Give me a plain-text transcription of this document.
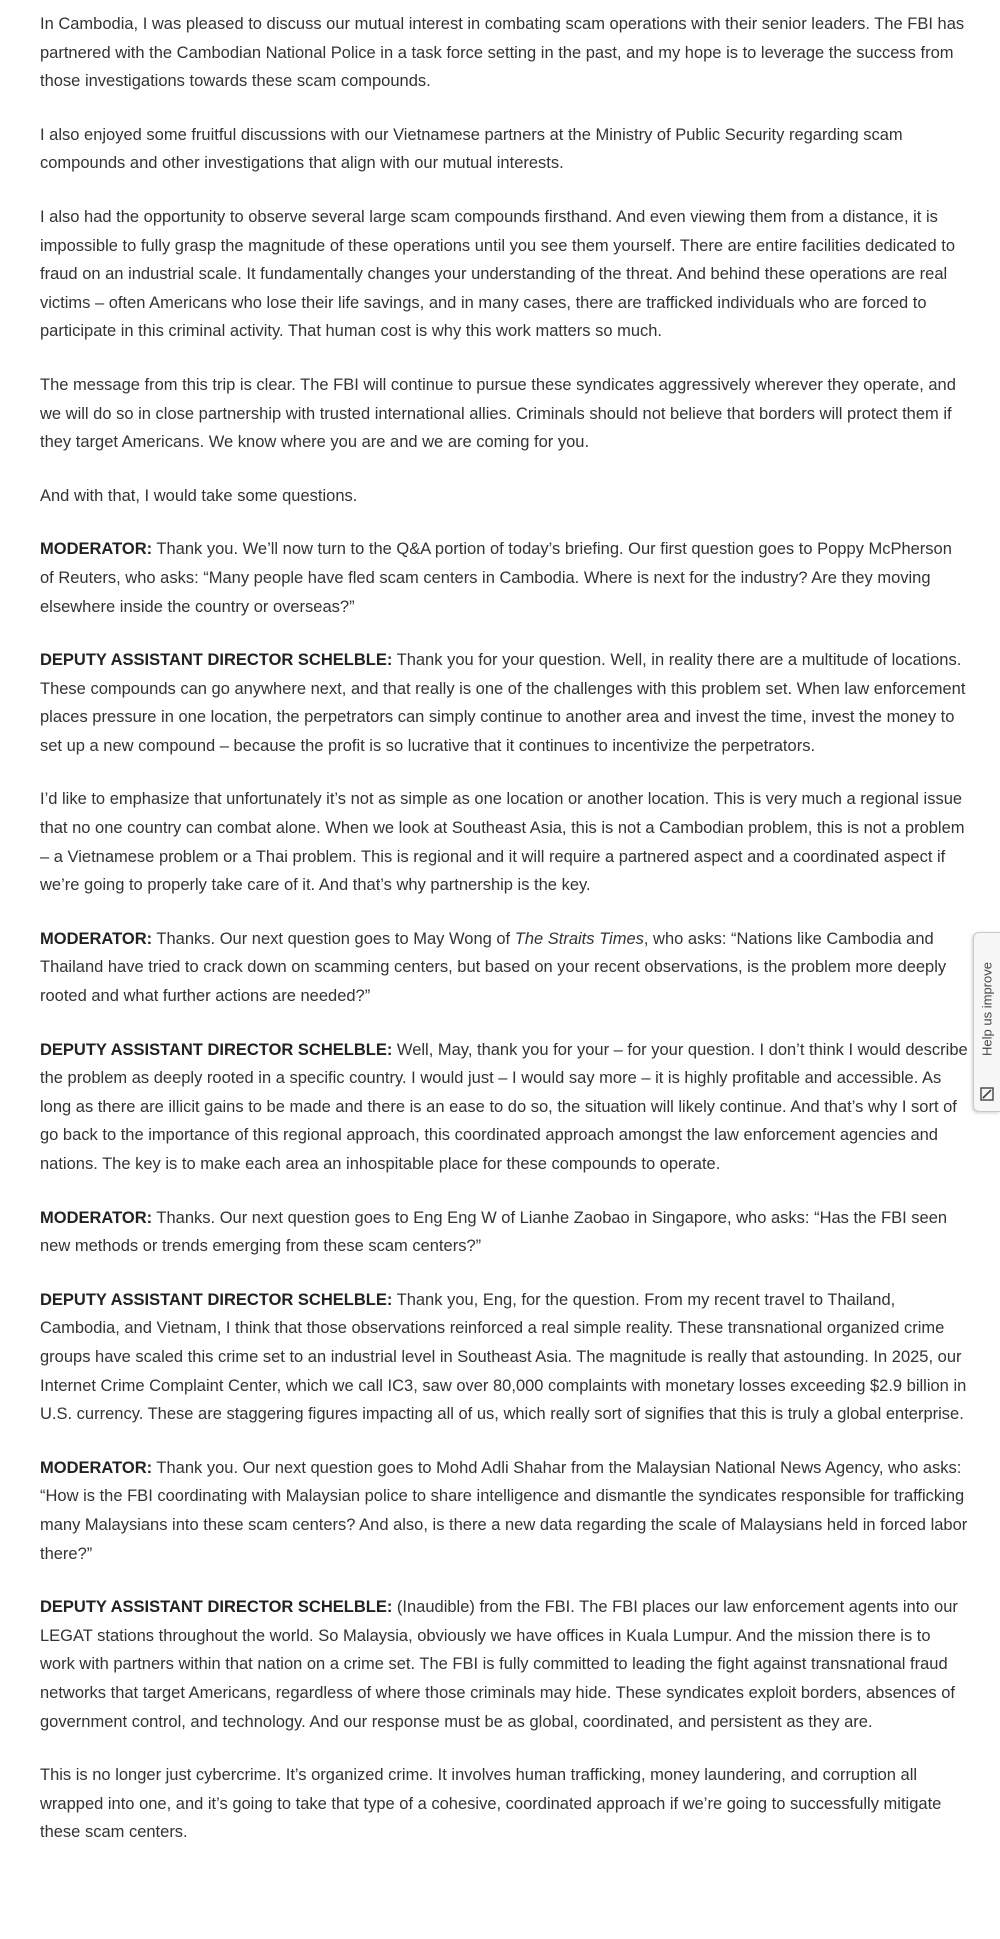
In Cambodia, I was pleased to discuss our mutual interest in combating scam operations with their senior leaders. The FBI has partnered with the Cambodian National Police in a task force setting in the past, and my hope is to leverage the success from those investigations towards these scam compounds.

I also enjoyed some fruitful discussions with our Vietnamese partners at the Ministry of Public Security regarding scam compounds and other investigations that align with our mutual interests.

I also had the opportunity to observe several large scam compounds firsthand. And even viewing them from a distance, it is impossible to fully grasp the magnitude of these operations until you see them yourself. There are entire facilities dedicated to fraud on an industrial scale. It fundamentally changes your understanding of the threat. And behind these operations are real victims – often Americans who lose their life savings, and in many cases, there are trafficked individuals who are forced to participate in this criminal activity. That human cost is why this work matters so much.

The message from this trip is clear. The FBI will continue to pursue these syndicates aggressively wherever they operate, and we will do so in close partnership with trusted international allies. Criminals should not believe that borders will protect them if they target Americans. We know where you are and we are coming for you.

And with that, I would take some questions.

MODERATOR: Thank you. We’ll now turn to the Q&A portion of today’s briefing. Our first question goes to Poppy McPherson of Reuters, who asks: “Many people have fled scam centers in Cambodia. Where is next for the industry? Are they moving elsewhere inside the country or overseas?”

DEPUTY ASSISTANT DIRECTOR SCHELBLE: Thank you for your question. Well, in reality there are a multitude of locations. These compounds can go anywhere next, and that really is one of the challenges with this problem set. When law enforcement places pressure in one location, the perpetrators can simply continue to another area and invest the time, invest the money to set up a new compound – because the profit is so lucrative that it continues to incentivize the perpetrators.

I’d like to emphasize that unfortunately it’s not as simple as one location or another location. This is very much a regional issue that no one country can combat alone. When we look at Southeast Asia, this is not a Cambodian problem, this is not a problem – a Vietnamese problem or a Thai problem. This is regional and it will require a partnered aspect and a coordinated aspect if we’re going to properly take care of it. And that’s why partnership is the key.

MODERATOR: Thanks. Our next question goes to May Wong of The Straits Times, who asks: “Nations like Cambodia and Thailand have tried to crack down on scamming centers, but based on your recent observations, is the problem more deeply rooted and what further actions are needed?”

DEPUTY ASSISTANT DIRECTOR SCHELBLE: Well, May, thank you for your – for your question. I don’t think I would describe the problem as deeply rooted in a specific country. I would just – I would say more – it is highly profitable and accessible. As long as there are illicit gains to be made and there is an ease to do so, the situation will likely continue. And that’s why I sort of go back to the importance of this regional approach, this coordinated approach amongst the law enforcement agencies and nations. The key is to make each area an inhospitable place for these compounds to operate.

MODERATOR: Thanks. Our next question goes to Eng Eng W of Lianhe Zaobao in Singapore, who asks: “Has the FBI seen new methods or trends emerging from these scam centers?”

DEPUTY ASSISTANT DIRECTOR SCHELBLE: Thank you, Eng, for the question. From my recent travel to Thailand, Cambodia, and Vietnam, I think that those observations reinforced a real simple reality. These transnational organized crime groups have scaled this crime set to an industrial level in Southeast Asia. The magnitude is really that astounding. In 2025, our Internet Crime Complaint Center, which we call IC3, saw over 80,000 complaints with monetary losses exceeding $2.9 billion in U.S. currency. These are staggering figures impacting all of us, which really sort of signifies that this is truly a global enterprise.

MODERATOR: Thank you. Our next question goes to Mohd Adli Shahar from the Malaysian National News Agency, who asks: “How is the FBI coordinating with Malaysian police to share intelligence and dismantle the syndicates responsible for trafficking many Malaysians into these scam centers? And also, is there a new data regarding the scale of Malaysians held in forced labor there?”

DEPUTY ASSISTANT DIRECTOR SCHELBLE: (Inaudible) from the FBI. The FBI places our law enforcement agents into our LEGAT stations throughout the world. So Malaysia, obviously we have offices in Kuala Lumpur. And the mission there is to work with partners within that nation on a crime set. The FBI is fully committed to leading the fight against transnational fraud networks that target Americans, regardless of where those criminals may hide. These syndicates exploit borders, absences of government control, and technology. And our response must be as global, coordinated, and persistent as they are.

This is no longer just cybercrime. It’s organized crime. It involves human trafficking, money laundering, and corruption all wrapped into one, and it’s going to take that type of a cohesive, coordinated approach if we’re going to successfully mitigate these scam centers.

Help us improve
